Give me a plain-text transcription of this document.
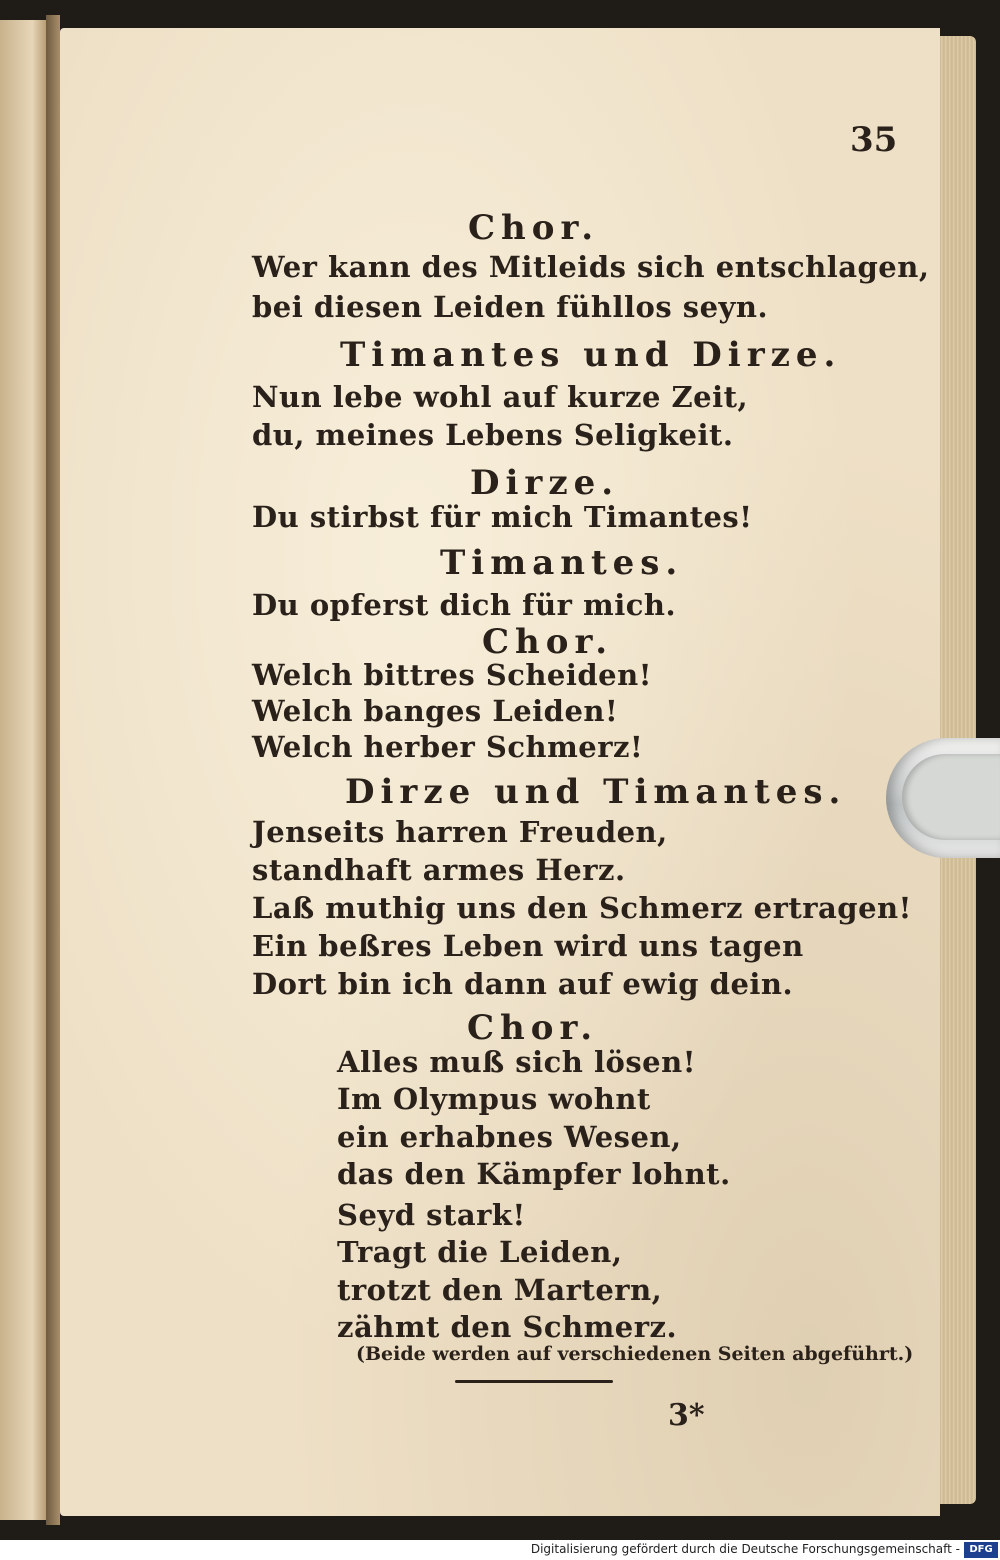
35
Chor.
Wer kann des Mitleids sich entschlagen,
bei diesen Leiden fühllos seyn.
Timantes und Dirze.
Nun lebe wohl auf kurze Zeit,
du, meines Lebens Seligkeit.
Dirze.
Du stirbst für mich Timantes!
Timantes.
Du opferst dich für mich.
Chor.
Welch bittres Scheiden!
Welch banges Leiden!
Welch herber Schmerz!
Dirze und Timantes.
Jenseits harren Freuden,
standhaft armes Herz.
Laß muthig uns den Schmerz ertragen!
Ein beßres Leben wird uns tagen
Dort bin ich dann auf ewig dein.
Chor.
Alles muß sich lösen!
Im Olympus wohnt
ein erhabnes Wesen,
das den Kämpfer lohnt.
Seyd stark!
Tragt die Leiden,
trotzt den Martern,
zähmt den Schmerz.
(Beide werden auf verschiedenen Seiten abgeführt.)
3*
Digitalisierung gefördert durch die Deutsche Forschungsgemeinschaft - DFG
